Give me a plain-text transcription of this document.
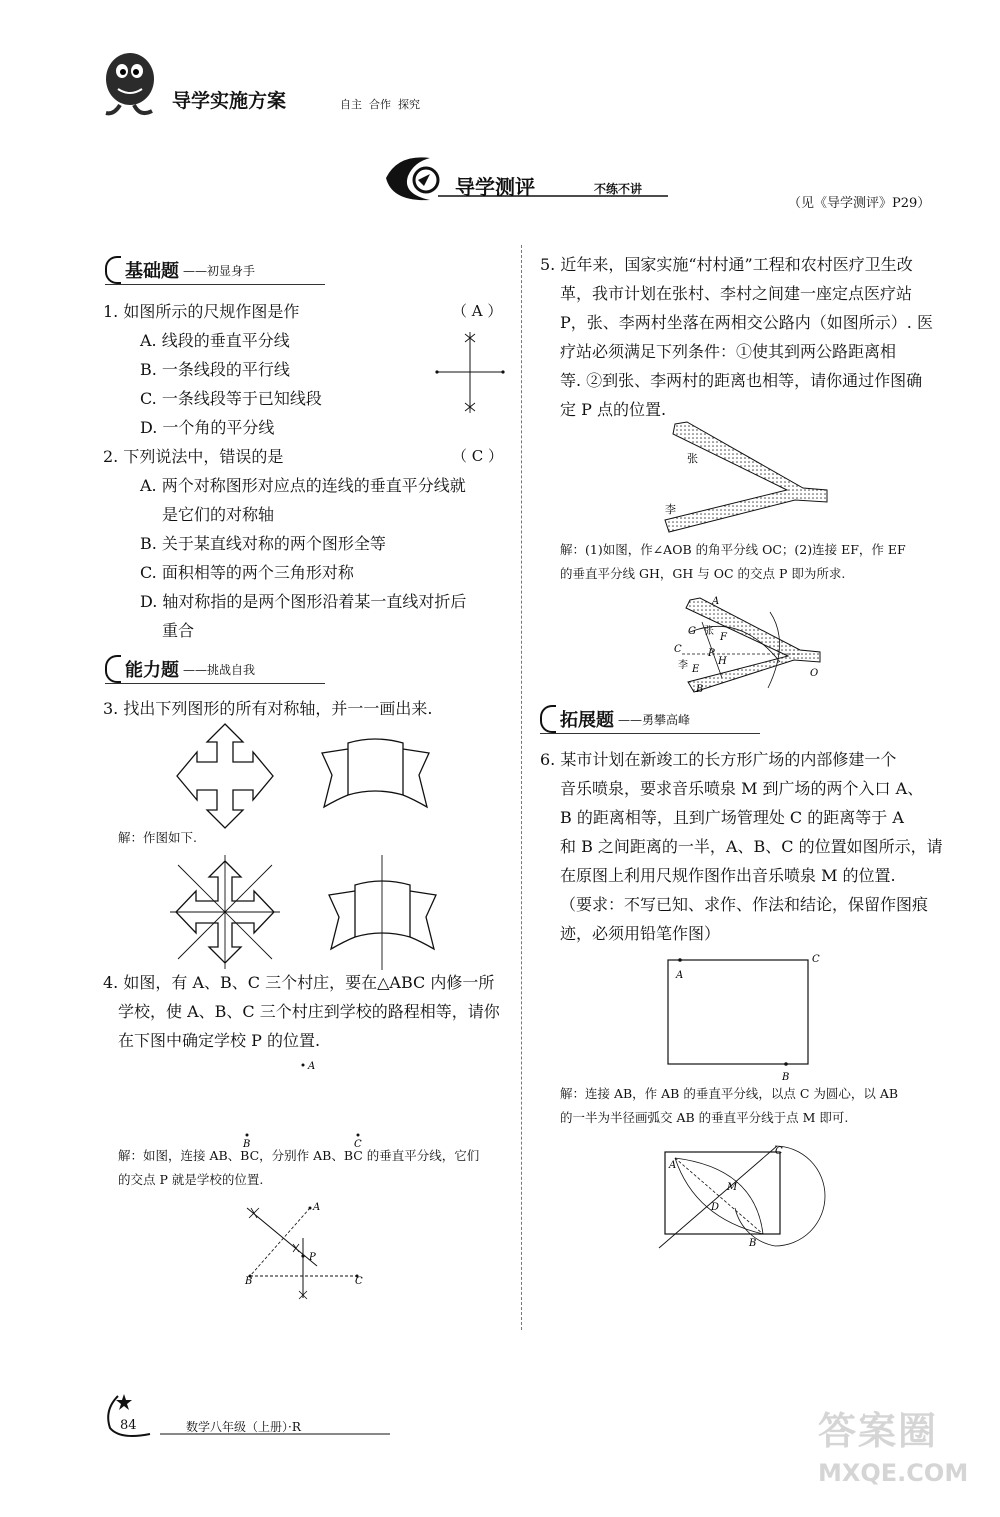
导学实施方案	自主  合作  探究
导学测评	不练不讲
（见《导学测评》P29）
基础题 ——初显身手
1. 如图所示的尺规作图是作	（ A ）
A. 线段的垂直平分线
B. 一条线段的平行线
C. 一条线段等于已知线段
D. 一个角的平分线
2. 下列说法中，错误的是	（ C ）
A. 两个对称图形对应点的连线的垂直平分线就
是它们的对称轴
B. 关于某直线对称的两个图形全等
C. 面积相等的两个三角形对称
D. 轴对称指的是两个图形沿着某一直线对折后
重合
能力题 ——挑战自我
3. 找出下列图形的所有对称轴，并一一画出来.
解：作图如下.
4. 如图，有 A、B、C 三个村庄，要在△ABC 内修一所
学校，使 A、B、C 三个村庄到学校的路程相等，请你
在下图中确定学校 P 的位置.
A
B	C
解：如图，连接 AB、BC，分别作 AB、BC 的垂直平分线，它们
的交点 P 就是学校的位置.
A
B	C
P
5. 近年来，国家实施“村村通”工程和农村医疗卫生改
革，我市计划在张村、李村之间建一座定点医疗站
P，张、李两村坐落在两相交公路内（如图所示）. 医
疗站必须满足下列条件：①使其到两公路距离相
等. ②到张、李两村的距离也相等，请你通过作图确
定 P 点的位置.
张
李
解：(1)如图，作∠AOB 的角平分线 OC；(2)连接 EF，作 EF
的垂直平分线 GH，GH 与 OC 的交点 P 即为所求.
A
B
O
G
F
H
E
P
C
张
李
拓展题 ——勇攀高峰
6. 某市计划在新竣工的长方形广场的内部修建一个
音乐喷泉，要求音乐喷泉 M 到广场的两个入口 A、
B 的距离相等，且到广场管理处 C 的距离等于 A
和 B 之间距离的一半，A、B、C 的位置如图所示，请
在原图上利用尺规作图作出音乐喷泉 M 的位置.
（要求：不写已知、求作、作法和结论，保留作图痕
迹，必须用铅笔作图）
A
C
B
解：连接 AB，作 AB 的垂直平分线，以点 C 为圆心，以 AB
的一半为半径画弧交 AB 的垂直平分线于点 M 即可.
A
C
B
M
D
84	数学八年级（上册）·R	答案圈
MXQE.COM
